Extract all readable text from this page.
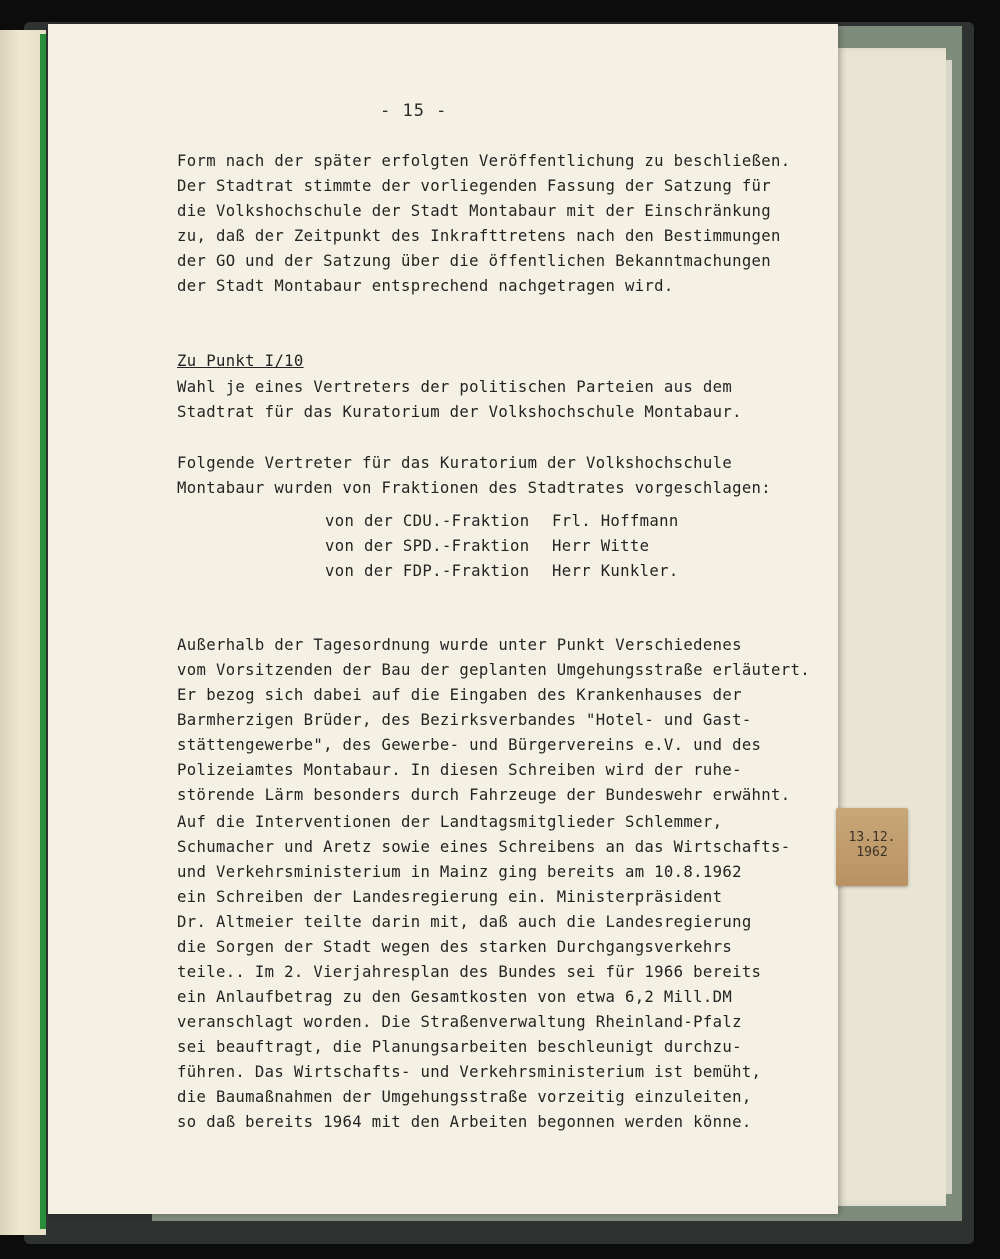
- 15 -
Form nach der später erfolgten Veröffentlichung zu beschließen.
Der Stadtrat stimmte der vorliegenden Fassung der Satzung für
die Volkshochschule der Stadt Montabaur mit der Einschränkung
zu, daß der Zeitpunkt des Inkrafttretens nach den Bestimmungen
der GO und der Satzung über die öffentlichen Bekanntmachungen
der Stadt Montabaur entsprechend nachgetragen wird.
Zu Punkt I/10
Wahl je eines Vertreters der politischen Parteien aus dem
Stadtrat für das Kuratorium der Volkshochschule Montabaur.
Folgende Vertreter für das Kuratorium der Volkshochschule
Montabaur wurden von Fraktionen des Stadtrates vorgeschlagen:
von der CDU.-Fraktion Frl. Hoffmann
von der SPD.-Fraktion Herr Witte
von der FDP.-Fraktion Herr Kunkler.
Außerhalb der Tagesordnung wurde unter Punkt Verschiedenes
vom Vorsitzenden der Bau der geplanten Umgehungsstraße erläutert.
Er bezog sich dabei auf die Eingaben des Krankenhauses der
Barmherzigen Brüder, des Bezirksverbandes "Hotel- und Gast-
stättengewerbe", des Gewerbe- und Bürgervereins e.V. und des
Polizeiamtes Montabaur. In diesen Schreiben wird der ruhe-
störende Lärm besonders durch Fahrzeuge der Bundeswehr erwähnt.
Auf die Interventionen der Landtagsmitglieder Schlemmer,
Schumacher und Aretz sowie eines Schreibens an das Wirtschafts-
und Verkehrsministerium in Mainz ging bereits am 10.8.1962
ein Schreiben der Landesregierung ein. Ministerpräsident
Dr. Altmeier teilte darin mit, daß auch die Landesregierung
die Sorgen der Stadt wegen des starken Durchgangsverkehrs
teile.. Im 2. Vierjahresplan des Bundes sei für 1966 bereits
ein Anlaufbetrag zu den Gesamtkosten von etwa 6,2 Mill.DM
veranschlagt worden. Die Straßenverwaltung Rheinland-Pfalz
sei beauftragt, die Planungsarbeiten beschleunigt durchzu-
führen. Das Wirtschafts- und Verkehrsministerium ist bemüht,
die Baumaßnahmen der Umgehungsstraße vorzeitig einzuleiten,
so daß bereits 1964 mit den Arbeiten begonnen werden könne.
13.12.
1962
